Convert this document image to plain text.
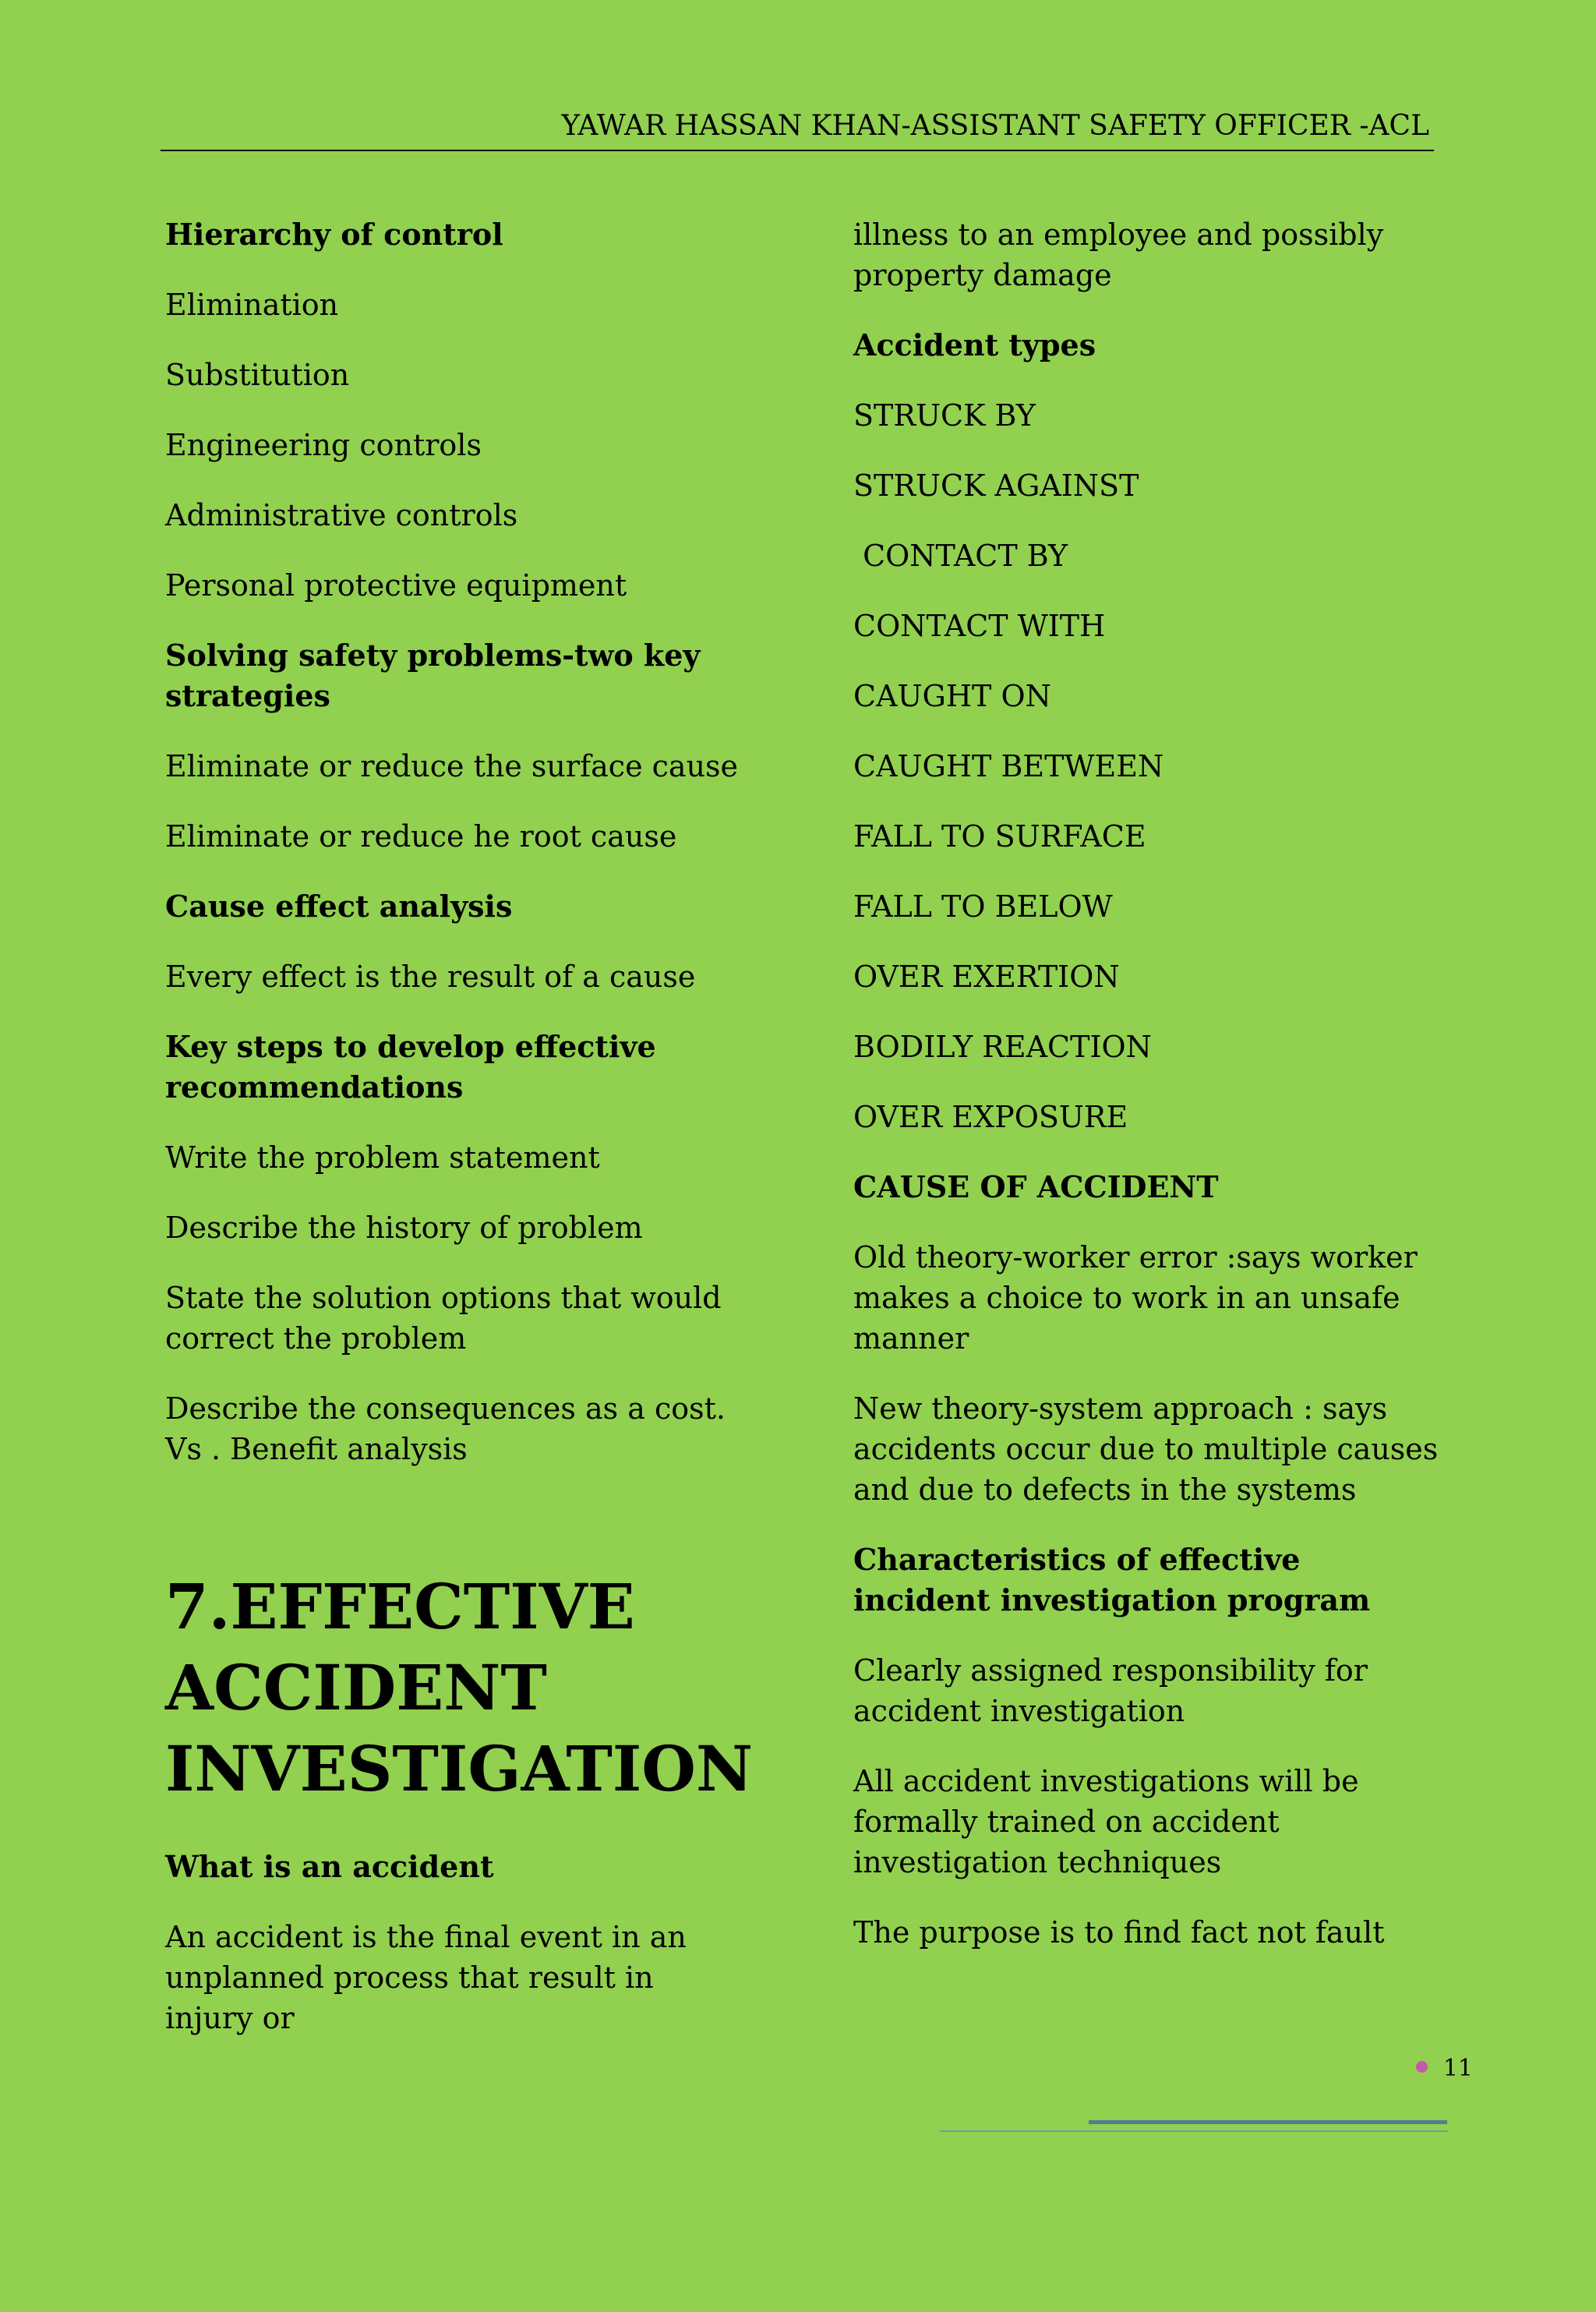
YAWAR HASSAN KHAN-ASSISTANT SAFETY OFFICER -ACL
Hierarchy of control
Elimination
Substitution
Engineering controls
Administrative controls
Personal protective equipment
Solving safety problems-two key strategies
Eliminate or reduce the surface cause
Eliminate or reduce he root cause
Cause effect analysis
Every effect is the result of a cause
Key steps to develop effective recommendations
Write the problem statement
Describe the history of problem
State the solution options that would correct the problem
Describe the consequences as a cost. Vs . Benefit analysis
7.EFFECTIVE ACCIDENT INVESTIGATION
What is an accident
An accident is the final event in an unplanned process that result in injury or
illness to an employee and possibly property damage
Accident types
STRUCK BY
STRUCK AGAINST
CONTACT BY
CONTACT WITH
CAUGHT ON
CAUGHT BETWEEN
FALL TO SURFACE
FALL TO BELOW
OVER EXERTION
BODILY REACTION
OVER EXPOSURE
CAUSE OF ACCIDENT
Old theory-worker error :says worker makes a choice to work in an unsafe manner
New theory-system approach : says accidents occur due to multiple causes and due to defects in the systems
Characteristics of effective incident investigation program
Clearly assigned responsibility for accident investigation
All accident investigations will be formally trained on accident investigation techniques
The purpose is to find fact not fault
11
